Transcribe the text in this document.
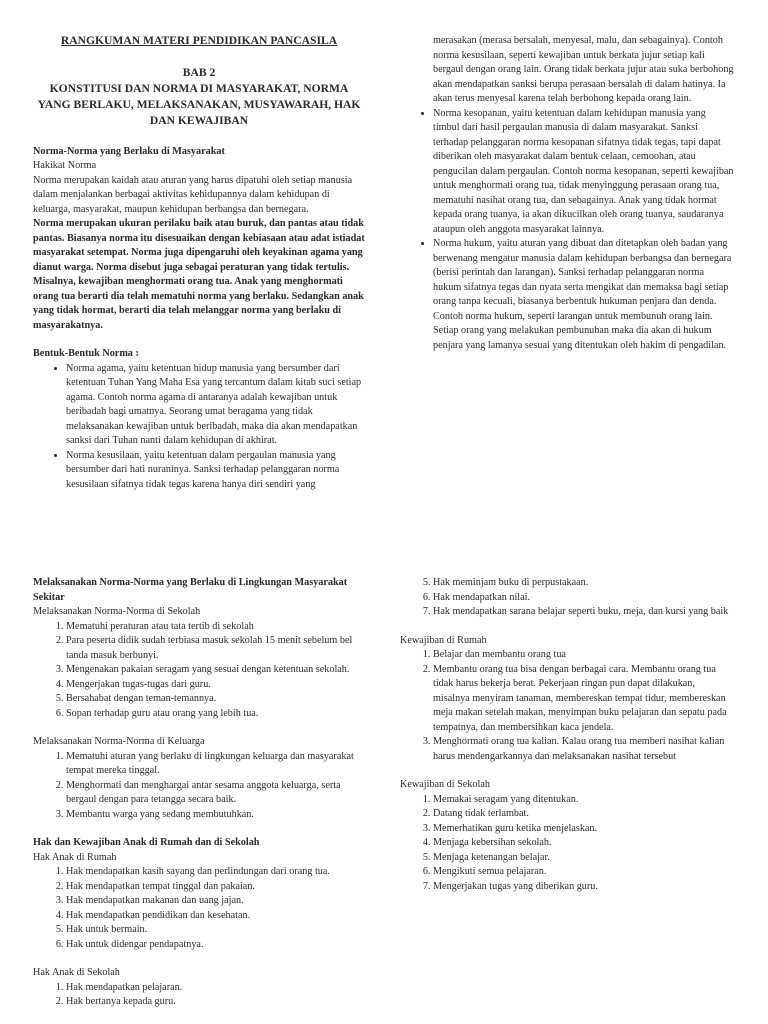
RANGKUMAN MATERI PENDIDIKAN PANCASILA

BAB 2
KONSTITUSI DAN NORMA DI MASYARAKAT, NORMA YANG BERLAKU, MELAKSANAKAN, MUSYAWARAH, HAK DAN KEWAJIBAN

Norma-Norma yang Berlaku di Masyarakat

Hakikat Norma

Norma merupakan kaidah atau aturan yang harus dipatuhi oleh setiap manusia dalam menjalankan berbagai aktivitas kehidupannya dalam kehidupan di keluarga, masyarakat, maupun kehidupan berbangsa dan bernegara.

Norma merupakan ukuran perilaku baik atau buruk, dan pantas atau tidak pantas. Biasanya norma itu disesuaikan dengan kebiasaan atau adat istiadat masyarakat setempat. Norma juga dipengaruhi oleh keyakinan agama yang dianut warga. Norma disebut juga sebagai peraturan yang tidak tertulis. Misalnya, kewajiban menghormati orang tua. Anak yang menghormati orang tua berarti dia telah mematuhi norma yang berlaku. Sedangkan anak yang tidak hormat, berarti dia telah melanggar norma yang berlaku di masyarakatnya.

Bentuk-Bentuk Norma :

• Norma agama, yaitu ketentuan hidup manusia yang bersumber dari ketentuan Tuhan Yang Maha Esa yang tercantum dalam kitab suci setiap agama. Contoh norma agama di antaranya adalah kewajiban untuk beribadah bagi umatnya. Seorang umat beragama yang tidak melaksanakan kewajiban untuk beribadah, maka dia akan mendapatkan sanksi dari Tuhan nanti dalam kehidupan di akhirat.
• Norma kesusilaan, yaitu ketentuan dalam pergaulan manusia yang bersumber dari hati nuraninya. Sanksi terhadap pelanggaran norma kesusilaan sifatnya tidak tegas karena hanya diri sendiri yang

merasakan (merasa bersalah, menyesal, malu, dan sebagainya). Contoh norma kesusilaan, seperti kewajiban untuk berkata jujur setiap kali bergaul dengan orang lain. Orang tidak berkata jujur atau suka berbohong akan mendapatkan sanksi berupa perasaan bersalah di dalam hatinya. Ia akan terus menyesal karena telah berbohong kepada orang lain.

• Norma kesopanan, yaitu ketentuan dalam kehidupan manusia yang timbul dari hasil pergaulan manusia di dalam masyarakat. Sanksi terhadap pelanggaran norma kesopanan sifatnya tidak tegas, tapi dapat diberikan oleh masyarakat dalam bentuk celaan, cemoohan, atau pengucilan dalam pergaulan. Contoh norma kesopanan, seperti kewajiban untuk menghormati orang tua, tidak menyinggung perasaan orang tua, mematuhi nasihat orang tua, dan sebagainya. Anak yang tidak hormat kepada orang tuanya, ia akan dikucilkan oleh orang tuanya, saudaranya ataupun oleh anggota masyarakat lainnya.
• Norma hukum, yaitu aturan yang dibuat dan ditetapkan oleh badan yang berwenang mengatur manusia dalam kehidupan berbangsa dan bernegara (berisi perintah dan larangan). Sanksi terhadap pelanggaran norma hukum sifatnya tegas dan nyata serta mengikat dan memaksa bagi setiap orang tanpa kecuali, biasanya berbentuk hukuman penjara dan denda. Contoh norma hukum, seperti larangan untuk membunuh orang lain. Setiap orang yang melakukan pembunuhan maka dia akan di hukum penjara yang lamanya sesuai yang ditentukan oleh hakim di pengadilan.

Melaksanakan Norma-Norma yang Berlaku di Lingkungan Masyarakat Sekitar

Melaksanakan Norma-Norma di Sekolah

1. Mematuhi peraturan atau tata tertib di sekolah
2. Para peserta didik sudah terbiasa masuk sekolah 15 menit sebelum bel tanda masuk berbunyi.
3. Mengenakan pakaian seragam yang sesuai dengan ketentuan sekolah.
4. Mengerjakan tugas-tugas dari guru.
5. Bersahabat dengan teman-temannya.
6. Sopan terhadap guru atau orang yang lebih tua.

Melaksanakan Norma-Norma di Keluarga

1. Mematuhi aturan yang berlaku di lingkungan keluarga dan masyarakat tempat mereka tinggal.
2. Menghormati dan menghargai antar sesama anggota keluarga, serta bergaul dengan para tetangga secara baik.
3. Membantu warga yang sedang membutuhkan.

Hak dan Kewajiban Anak di Rumah dan di Sekolah

Hak Anak di Rumah

1. Hak mendapatkan kasih sayang dan perlindungan dari orang tua.
2. Hak mendapatkan tempat tinggal dan pakaian.
3. Hak mendapatkan makanan dan uang jajan.
4. Hak mendapatkan pendidikan dan kesehatan.
5. Hak untuk bermain.
6. Hak untuk didengar pendapatnya.

Hak Anak di Sekolah

1. Hak mendapatkan pelajaran.
2. Hak bertanya kepada guru.
5. Hak meminjam buku di perpustakaan.
6. Hak mendapatkan nilai.
7. Hak mendapatkan sarana belajar seperti buku, meja, dan kursi yang baik

Kewajiban di Rumah

1. Belajar dan membantu orang tua
2. Membantu orang tua bisa dengan berbagai cara. Membantu orang tua tidak harus bekerja berat. Pekerjaan ringan pun dapat dilakukan, misalnya menyiram tanaman, membereskan tempat tidur, membereskan meja makan setelah makan, menyimpan buku pelajaran dan sepatu pada tempatnya, dan membersihkan kaca jendela.
3. Menghormati orang tua kalian. Kalau orang tua memberi nasihat kalian harus mendengarkannya dan melaksanakan nasihat tersebut

Kewajiban di Sekolah

1. Memakai seragam yang ditentukan.
2. Datang tidak terlambat.
3. Memerhatikan guru ketika menjelaskan.
4. Menjaga kebersihan sekolah.
5. Menjaga ketenangan belajar.
6. Mengikuti semua pelajaran.
7. Mengerjakan tugas yang diberikan guru.
